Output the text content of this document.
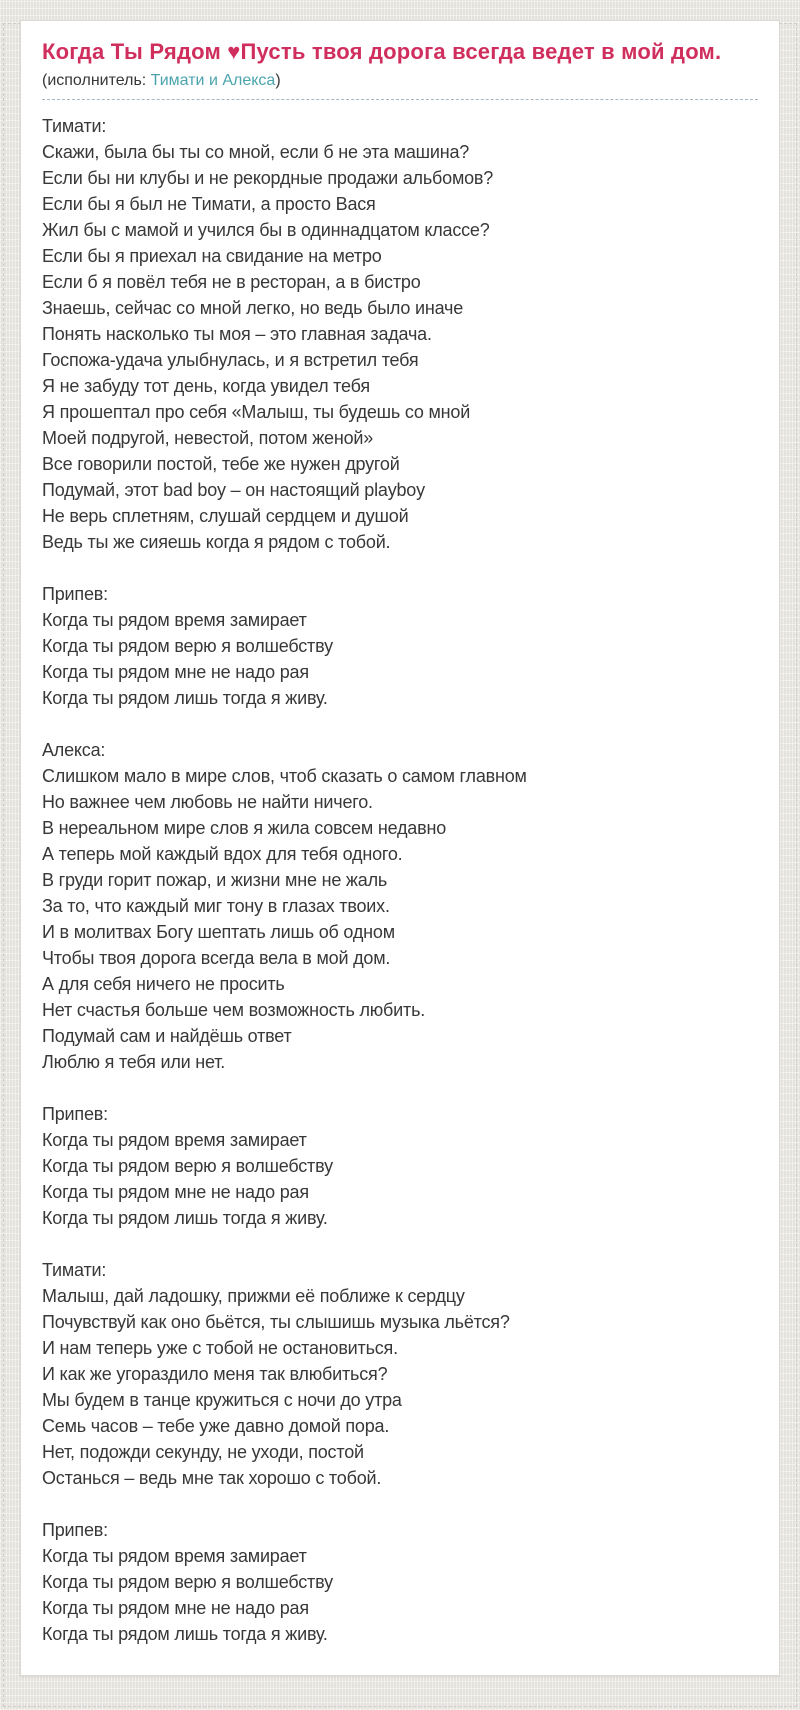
Когда Ты Рядом ♥Пусть твоя дорога всегда ведет в мой дом.
(исполнитель: Тимати и Алекса)
Тимати:
Скажи, была бы ты со мной, если б не эта машина?
Если бы ни клубы и не рекордные продажи альбомов?
Если бы я был не Тимати, а просто Вася
Жил бы с мамой и учился бы в одиннадцатом классе?
Если бы я приехал на свидание на метро
Если б я повёл тебя не в ресторан, а в бистро
Знаешь, сейчас со мной легко, но ведь было иначе
Понять насколько ты моя – это главная задача.
Госпожа-удача улыбнулась, и я встретил тебя
Я не забуду тот день, когда увидел тебя
Я прошептал про себя «Малыш, ты будешь со мной
Моей подругой, невестой, потом женой»
Все говорили постой, тебе же нужен другой
Подумай, этот bad boy – он настоящий playboy
Не верь сплетням, слушай сердцем и душой
Ведь ты же сияешь когда я рядом с тобой.
Припев:
Когда ты рядом время замирает
Когда ты рядом верю я волшебству
Когда ты рядом мне не надо рая
Когда ты рядом лишь тогда я живу.
Алекса:
Слишком мало в мире слов, чтоб сказать о самом главном
Но важнее чем любовь не найти ничего.
В нереальном мире слов я жила совсем недавно
А теперь мой каждый вдох для тебя одного.
В груди горит пожар, и жизни мне не жаль
За то, что каждый миг тону в глазах твоих.
И в молитвах Богу шептать лишь об одном
Чтобы твоя дорога всегда вела в мой дом.
А для себя ничего не просить
Нет счастья больше чем возможность любить.
Подумай сам и найдёшь ответ
Люблю я тебя или нет.
Припев:
Когда ты рядом время замирает
Когда ты рядом верю я волшебству
Когда ты рядом мне не надо рая
Когда ты рядом лишь тогда я живу.
Тимати:
Малыш, дай ладошку, прижми её поближе к сердцу
Почувствуй как оно бьётся, ты слышишь музыка льётся?
И нам теперь уже с тобой не остановиться.
И как же угораздило меня так влюбиться?
Мы будем в танце кружиться с ночи до утра
Семь часов – тебе уже давно домой пора.
Нет, подожди секунду, не уходи, постой
Останься – ведь мне так хорошо с тобой.
Припев:
Когда ты рядом время замирает
Когда ты рядом верю я волшебству
Когда ты рядом мне не надо рая
Когда ты рядом лишь тогда я живу.
